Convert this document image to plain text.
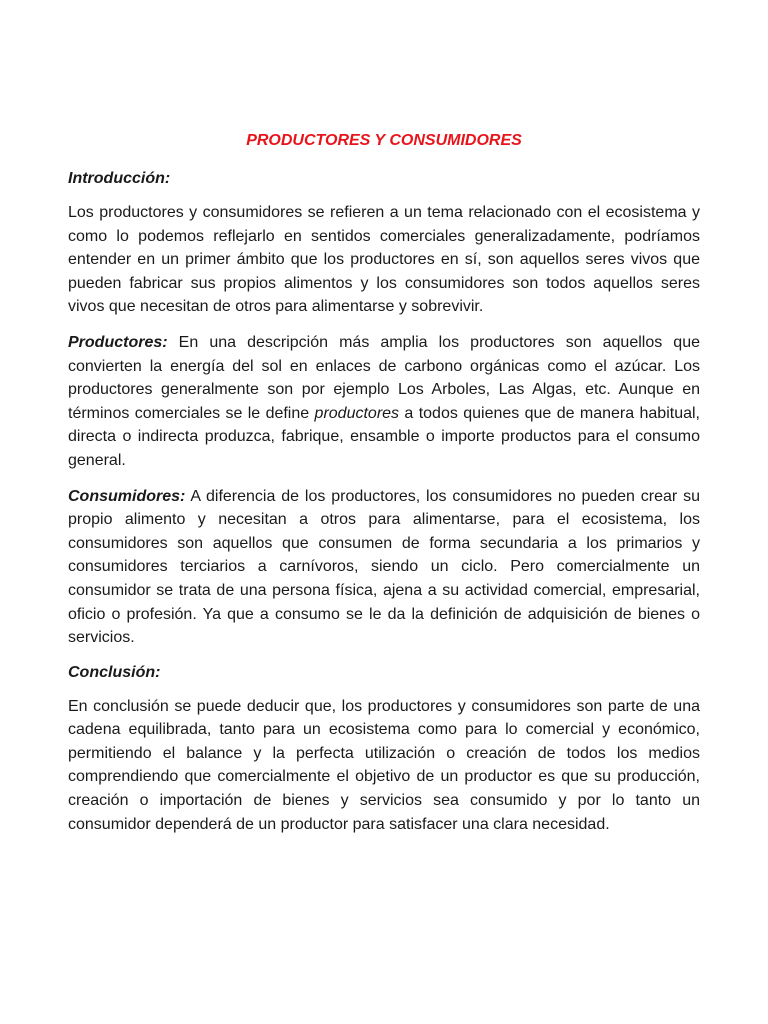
PRODUCTORES Y CONSUMIDORES
Introducción:

Los productores y consumidores se refieren a un tema relacionado con el ecosistema y como lo podemos reflejarlo en sentidos comerciales generalizadamente, podríamos entender en un primer ámbito que los productores en sí, son aquellos seres vivos que pueden fabricar sus propios alimentos y los consumidores son todos aquellos seres vivos que necesitan de otros para alimentarse y sobrevivir.

Productores: En una descripción más amplia los productores son aquellos que convierten la energía del sol en enlaces de carbono orgánicas como el azúcar. Los productores generalmente son por ejemplo Los Arboles, Las Algas, etc. Aunque en términos comerciales se le define productores a todos quienes que de manera habitual, directa o indirecta produzca, fabrique, ensamble o importe productos para el consumo general.

Consumidores: A diferencia de los productores, los consumidores no pueden crear su propio alimento y necesitan a otros para alimentarse, para el ecosistema, los consumidores son aquellos que consumen de forma secundaria a los primarios y consumidores terciarios a carnívoros, siendo un ciclo. Pero comercialmente un consumidor se trata de una persona física, ajena a su actividad comercial, empresarial, oficio o profesión. Ya que a consumo se le da la definición de adquisición de bienes o servicios.

Conclusión:

En conclusión se puede deducir que, los productores y consumidores son parte de una cadena equilibrada, tanto para un ecosistema como para lo comercial y económico, permitiendo el balance y la perfecta utilización o creación de todos los medios comprendiendo que comercialmente el objetivo de un productor es que su producción, creación o importación de bienes y servicios sea consumido y por lo tanto un consumidor dependerá de un productor para satisfacer una clara necesidad.
